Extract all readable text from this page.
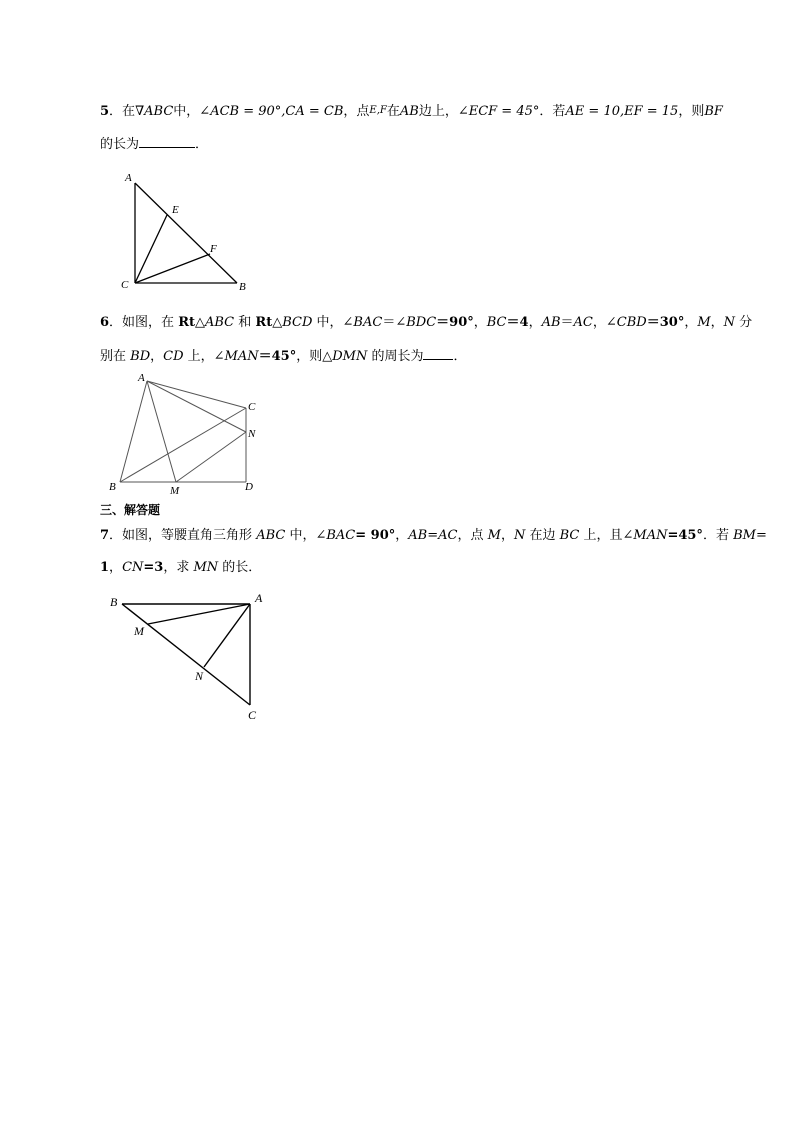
5．在∇ABC中，∠ACB = 90°,CA = CB，点E,F在AB边上，∠ECF = 45°．若AE = 10,EF = 15，则BF
的长为	．
A
E
F
C	B
6．如图，在 Rt△ABC 和 Rt△BCD 中，∠BAC＝∠BDC＝90°，BC＝4，AB＝AC，∠CBD＝30°，M，N 分
别在 BD，CD 上，∠MAN＝45°，则△DMN 的周长为 ．
A
C
N
B	M	D
三、解答题
7．如图，等腰直角三角形 ABC 中，∠BAC= 90°，AB=AC，点 M，N 在边 BC 上，且∠MAN=45°．若 BM=
1，CN=3，求 MN 的长．
B	A
M
N
C
